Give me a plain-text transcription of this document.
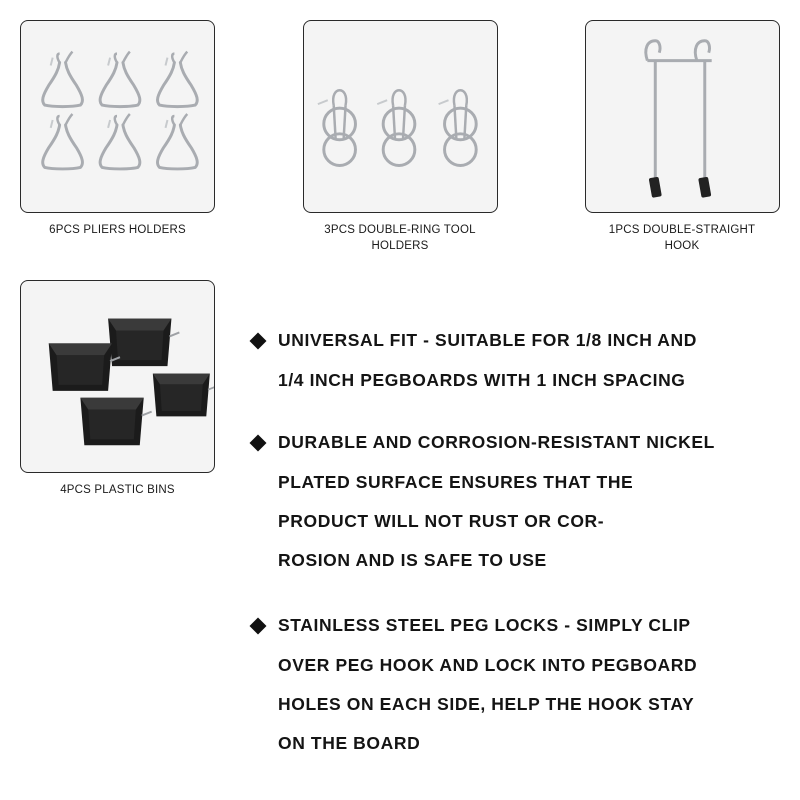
6PCS PLIERS HOLDERS	3PCS DOUBLE-RING TOOL
HOLDERS
1PCS DOUBLE-STRAIGHT
HOOK
4PCS PLASTIC BINS
UNIVERSAL FIT - SUITABLE FOR 1/8 INCH AND
1/4 INCH PEGBOARDS WITH 1 INCH SPACING
DURABLE AND CORROSION-RESISTANT NICKEL
PLATED SURFACE ENSURES THAT THE
PRODUCT WILL NOT RUST OR COR-
ROSION AND IS SAFE TO USE
STAINLESS STEEL PEG LOCKS - SIMPLY CLIP
OVER PEG HOOK AND LOCK INTO PEGBOARD
HOLES ON EACH SIDE, HELP THE HOOK STAY
ON THE BOARD
